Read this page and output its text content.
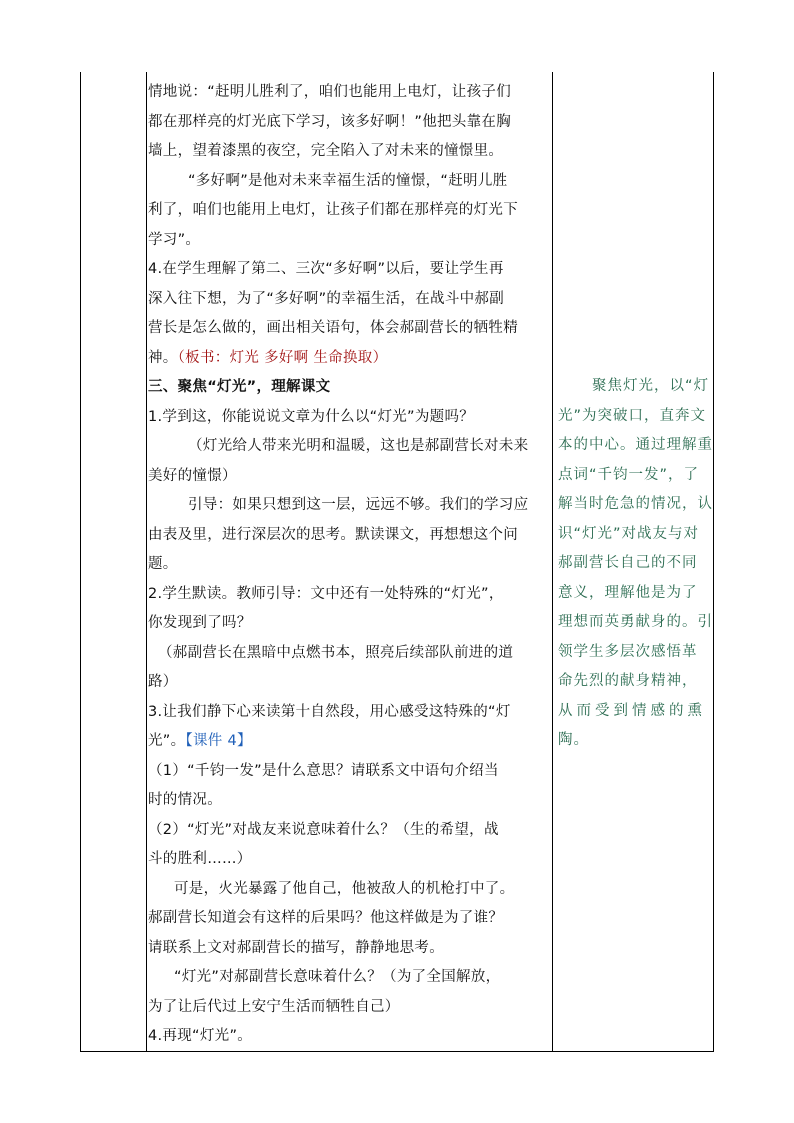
情地说：“赶明儿胜利了，咱们也能用上电灯，让孩子们

都在那样亮的灯光底下学习，该多好啊！”他把头靠在胸

墙上，望着漆黑的夜空，完全陷入了对未来的憧憬里。

“多好啊”是他对未来幸福生活的憧憬，“赶明儿胜

利了，咱们也能用上电灯，让孩子们都在那样亮的灯光下

学习”。

4.在学生理解了第二、三次“多好啊”以后，要让学生再

深入往下想，为了“多好啊”的幸福生活，在战斗中郝副

营长是怎么做的，画出相关语句，体会郝副营长的牺牲精

神。（板书：灯光 多好啊 生命换取）

三、聚焦“灯光”，理解课文

1.学到这，你能说说文章为什么以“灯光”为题吗？

（灯光给人带来光明和温暖，这也是郝副营长对未来

美好的憧憬）

引导：如果只想到这一层，远远不够。我们的学习应

由表及里，进行深层次的思考。默读课文，再想想这个问

题。

2.学生默读。教师引导：文中还有一处特殊的“灯光”，

你发现到了吗？

（郝副营长在黑暗中点燃书本，照亮后续部队前进的道

路）

3.让我们静下心来读第十自然段，用心感受这特殊的“灯

光”。【课件 4】

（1）“千钧一发”是什么意思？请联系文中语句介绍当

时的情况。

（2）“灯光”对战友来说意味着什么？（生的希望，战

斗的胜利……）

可是，火光暴露了他自己，他被敌人的机枪打中了。

郝副营长知道会有这样的后果吗？他这样做是为了谁？

请联系上文对郝副营长的描写，静静地思考。

“灯光”对郝副营长意味着什么？（为了全国解放，

为了让后代过上安宁生活而牺牲自己）

4.再现“灯光”。

聚焦灯光，以“灯

光”为突破口，直奔文

本的中心。通过理解重

点词“千钧一发”，了

解当时危急的情况，认

识“灯光”对战友与对

郝副营长自己的不同

意义，理解他是为了

理想而英勇献身的。引

领学生多层次感悟革

命先烈的献身精神，

从而受到情感的熏

陶。
